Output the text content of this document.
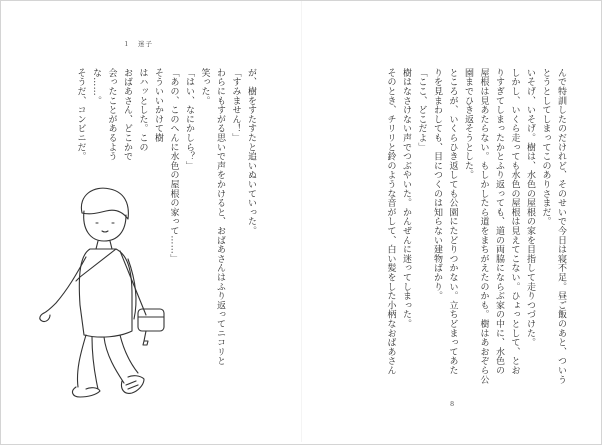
１　迷子
んで特訓したのだけれど、そのせいで今日は寝不足。昼ご飯のあと、ついう
とうとしてしまってこのありさまだ。
いそげ、いそげ。樹は、水色の屋根の家を目指して走りつづけた。
しかし、いくら走っても水色の屋根は見えてこない。ひょっとして、とお
りすぎてしまったかとふり返っても、道の両脇にならぶ家の中に、水色の
屋根は見あたらない。もしかしたら道をまちがえたのかも。樹はあおぞら公
園までひき返そうとした。
ところが、いくらひき返しても公園にたどりつかない。立ちどまってあた
りを見まわしても、目につくのは知らない建物ばかり。
「ここ、どこだよ」
樹はなさけない声でつぶやいた。かんぜんに迷ってしまった。
そのとき、チリリと鈴のような音がして、白い髪をした小柄なおばあさん
が、樹をすたすたと追いぬいていった。
「すみません！」
わらにもすがる思いで声をかけると、おばあさんはふり返ってニコリと
笑った。
「はい、なにかしら？」
「あの、このへんに水色の屋根の家って……」
そういいかけて樹
はハッとした。この
おばあさん、どこかで
会ったことがあるよう
な……。
そうだ、コンビニだ。
8
